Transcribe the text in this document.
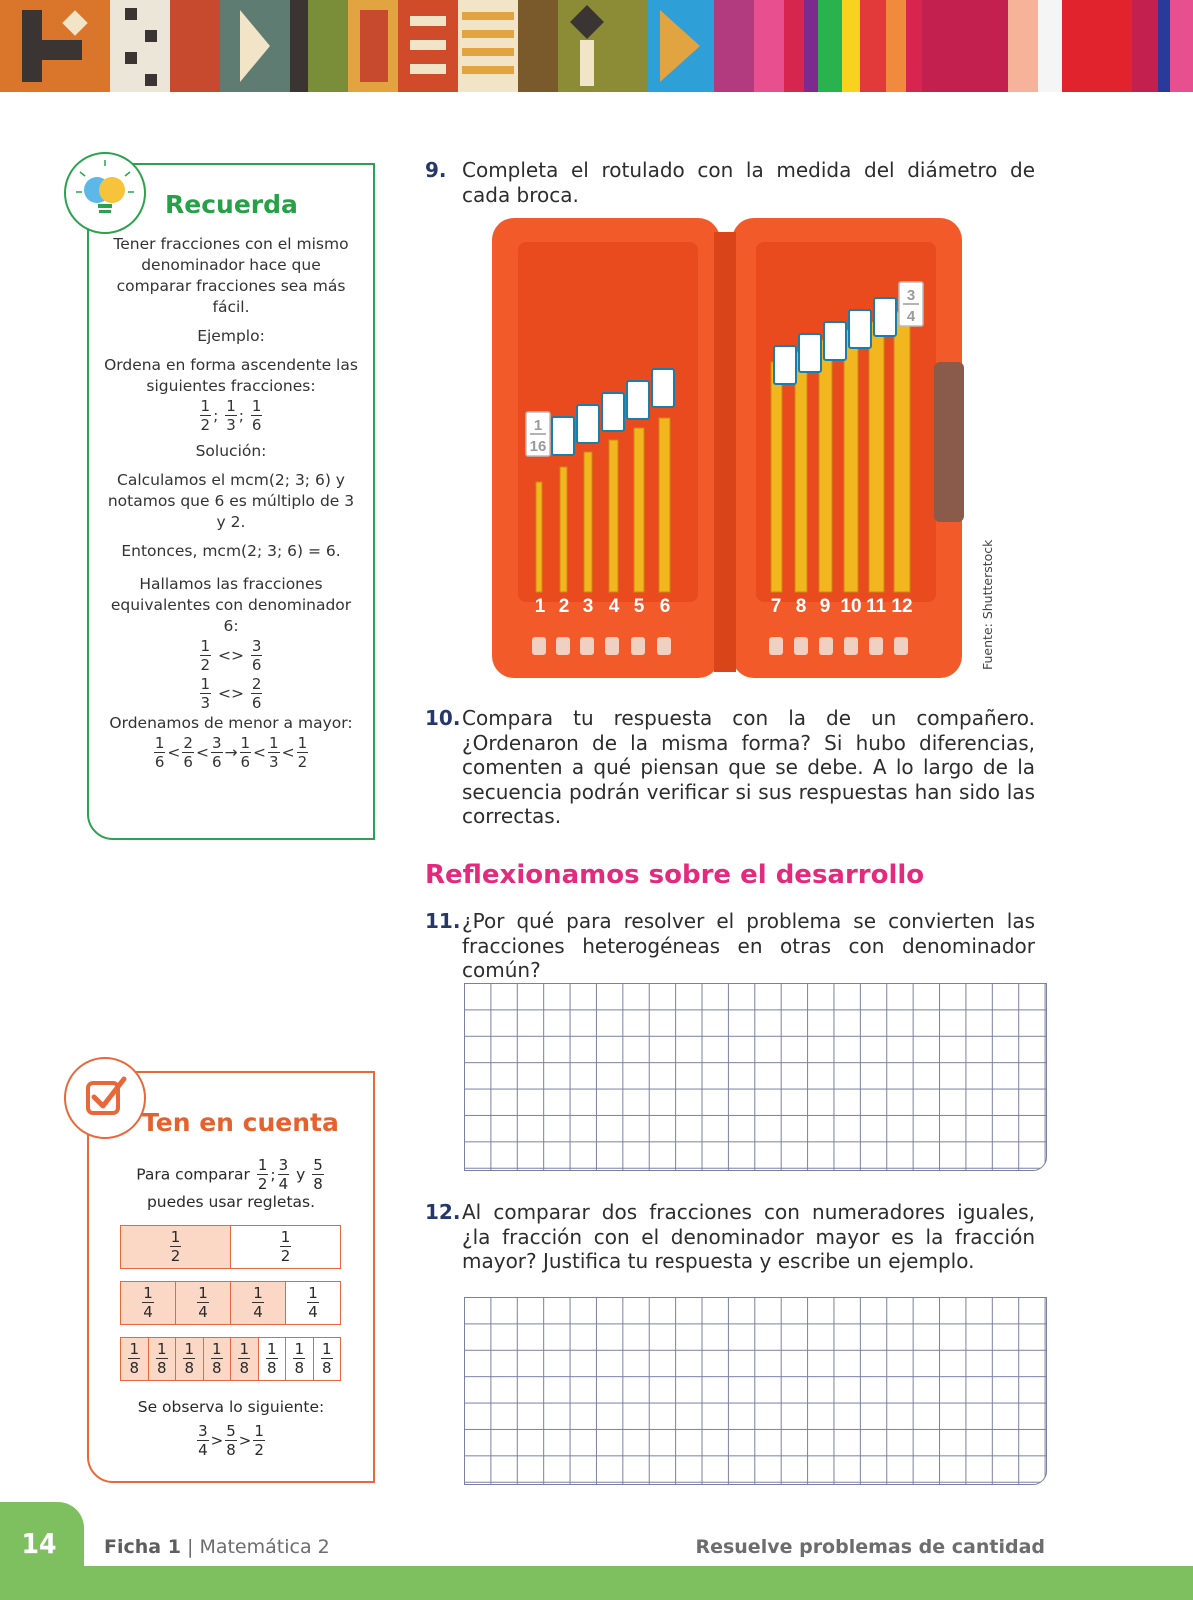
Recuerda

Tener fracciones con el mismo denominador hace que comparar fracciones sea más fácil.

Ejemplo:

Ordena en forma ascendente las siguientes fracciones:

$\frac{1}{2}$ ; $\frac{1}{3}$ ; $\frac{1}{6}$

Solución:

Calculamos el mcm(2; 3; 6) y notamos que 6 es múltiplo de 3 y 2.

Entonces, mcm(2; 3; 6) = 6.

Hallamos las fracciones equivalentes con denominador 6:

$\frac{1}{2} <> \frac{3}{6}$

$\frac{1}{3} <> \frac{2}{6}$

Ordenamos de menor a mayor:

$\frac{1}{6} < \frac{2}{6} < \frac{3}{6} \to \frac{1}{6} < \frac{1}{3} < \frac{1}{2}$

Ten en cuenta
Para comparar $\frac{1}{2}$ ; $\frac{3}{4}$ y $\frac{5}{8}$

puedes usar regletas.
$\frac{1}{2}$	$\frac{1}{2}$
$\frac{1}{4}$	$\frac{1}{4}$	$\frac{1}{4}$	$\frac{1}{4}$
$\frac{1}{8} \frac{1}{8} \frac{1}{8} \frac{1}{8} \frac{1}{8} \frac{1}{8} \frac{1}{8} \frac{1}{8}$
Se observa lo siguiente:
$\frac{3}{4} > \frac{5}{8} > \frac{1}{2}$
9. Completa el rotulado con la medida del diámetro de cada broca.
1 2 3 4 5 6	7 8 9 10 11 12
1
16
3
4
Fuente: Shutterstock
10. Compara tu respuesta con la de un compañero. ¿Ordenaron de la misma forma? Si hubo diferencias, comenten a qué piensan que se debe. A lo largo de la secuencia podrán verificar si sus respuestas han sido las correctas.
Reflexionamos sobre el desarrollo
11. ¿Por qué para resolver el problema se convierten las fracciones heterogéneas en otras con denominador común?
12. Al comparar dos fracciones con numeradores iguales, ¿la fracción con el denominador mayor es la fracción mayor? Justifica tu respuesta y escribe un ejemplo.
14	Ficha 1 | Matemática 2	Resuelve problemas de cantidad
